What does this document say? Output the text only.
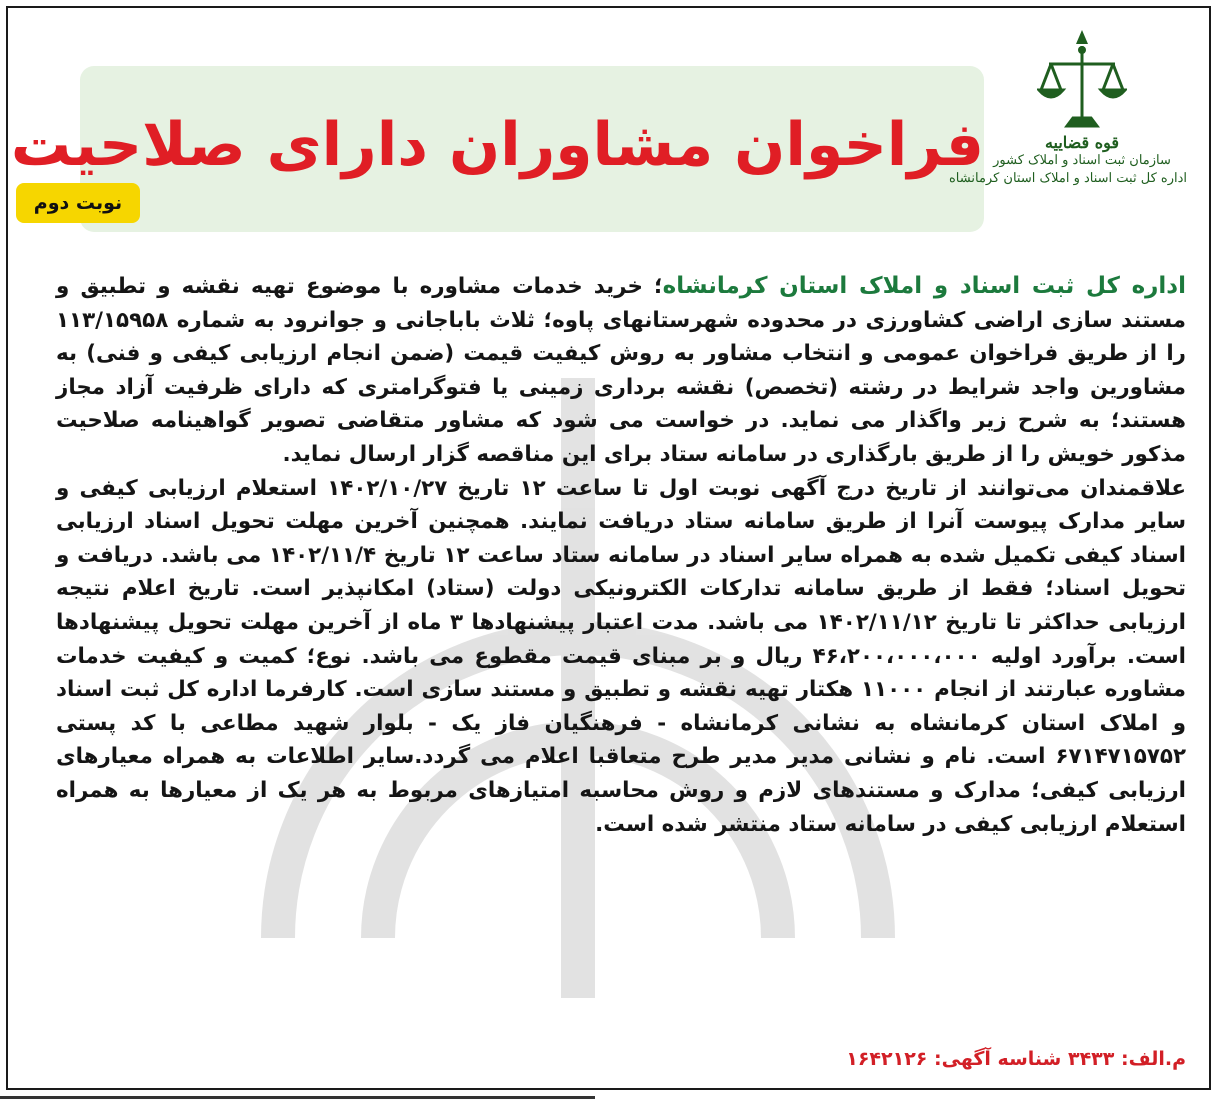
فراخوان مشاوران دارای صلاحیت
نوبت دوم
قوه قضاییه
سازمان ثبت اسناد و املاک کشور
اداره کل ثبت اسناد و املاک استان کرمانشاه

اداره کل ثبت اسناد و املاک استان کرمانشاه؛ خرید خدمات مشاوره با موضوع تهیه نقشه و تطبیق و مستند سازی اراضی کشاورزی در محدوده شهرستانهای پاوه؛ ثلاث باباجانی و جوانرود به شماره ۱۱۳/۱۵۹۵۸ را از طریق فراخوان عمومی و انتخاب مشاور به روش کیفیت قیمت (ضمن انجام ارزیابی کیفی و فنی) به مشاورین واجد شرایط در رشته (تخصص) نقشه برداری زمینی یا فتوگرامتری که دارای ظرفیت آزاد مجاز هستند؛ به شرح زیر واگذار می نماید. در خواست می شود که مشاور متقاضی تصویر گواهینامه صلاحیت مذکور خویش را از طریق بارگذاری در سامانه ستاد برای این مناقصه گزار ارسال نماید.

علاقمندان می‌توانند از تاریخ درج آگهی نوبت اول تا ساعت ۱۲ تاریخ ۱۴۰۲/۱۰/۲۷ استعلام ارزیابی کیفی و سایر مدارک پیوست آنرا از طریق سامانه ستاد دریافت نمایند. همچنین آخرین مهلت تحویل اسناد ارزیابی اسناد کیفی تکمیل شده به همراه سایر اسناد در سامانه ستاد ساعت ۱۲ تاریخ ۱۴۰۲/۱۱/۴ می باشد. دریافت و تحویل اسناد؛ فقط از طریق سامانه تدارکات الکترونیکی دولت (ستاد) امکانپذیر است. تاریخ اعلام نتیجه ارزیابی حداکثر تا تاریخ ۱۴۰۲/۱۱/۱۲ می باشد. مدت اعتبار پیشنهادها ۳ ماه از آخرین مهلت تحویل پیشنهادها است. برآورد اولیه ۴۶،۲۰۰،۰۰۰،۰۰۰ ریال و بر مبنای قیمت مقطوع می باشد. نوع؛ کمیت و کیفیت خدمات مشاوره عبارتند از انجام ۱۱۰۰۰ هکتار تهیه نقشه و تطبیق و مستند سازی است. کارفرما اداره کل ثبت اسناد و املاک استان کرمانشاه به نشانی کرمانشاه - فرهنگیان فاز یک - بلوار شهید مطاعی با کد پستی ۶۷۱۴۷۱۵۷۵۲ است. نام و نشانی مدیر مدیر طرح متعاقبا اعلام می گردد.سایر اطلاعات به همراه معیارهای ارزیابی کیفی؛ مدارک و مستندهای لازم و روش محاسبه امتیازهای مربوط به هر یک از معیارها به همراه استعلام ارزیابی کیفی در سامانه ستاد منتشر شده است.

م.الف: ۳۴۳۳ شناسه آگهی: ۱۶۴۲۱۲۶
